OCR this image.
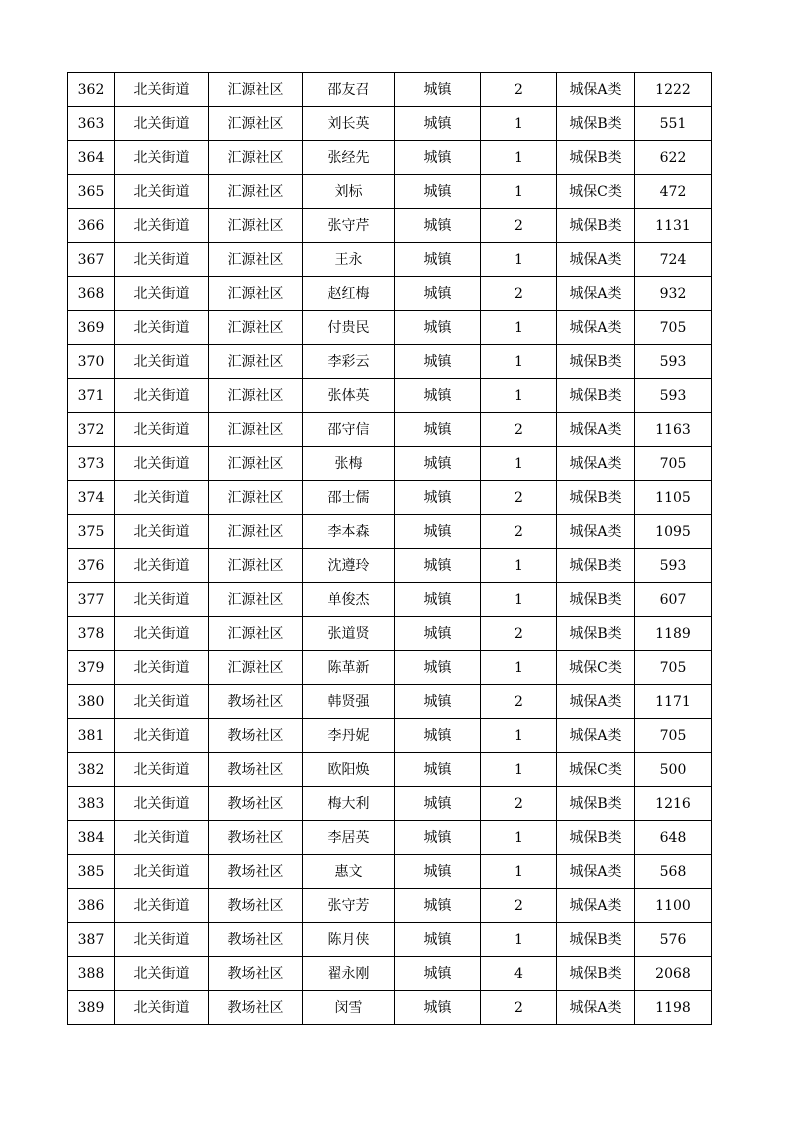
362	北关街道	汇源社区	邵友召	城镇	2	城保A类	1222
363	北关街道	汇源社区	刘长英	城镇	1	城保B类	551
364	北关街道	汇源社区	张经先	城镇	1	城保B类	622
365	北关街道	汇源社区	刘标	城镇	1	城保C类	472
366	北关街道	汇源社区	张守芹	城镇	2	城保B类	1131
367	北关街道	汇源社区	王永	城镇	1	城保A类	724
368	北关街道	汇源社区	赵红梅	城镇	2	城保A类	932
369	北关街道	汇源社区	付贵民	城镇	1	城保A类	705
370	北关街道	汇源社区	李彩云	城镇	1	城保B类	593
371	北关街道	汇源社区	张体英	城镇	1	城保B类	593
372	北关街道	汇源社区	邵守信	城镇	2	城保A类	1163
373	北关街道	汇源社区	张梅	城镇	1	城保A类	705
374	北关街道	汇源社区	邵士儒	城镇	2	城保B类	1105
375	北关街道	汇源社区	李本森	城镇	2	城保A类	1095
376	北关街道	汇源社区	沈遵玲	城镇	1	城保B类	593
377	北关街道	汇源社区	单俊杰	城镇	1	城保B类	607
378	北关街道	汇源社区	张道贤	城镇	2	城保B类	1189
379	北关街道	汇源社区	陈革新	城镇	1	城保C类	705
380	北关街道	教场社区	韩贤强	城镇	2	城保A类	1171
381	北关街道	教场社区	李丹妮	城镇	1	城保A类	705
382	北关街道	教场社区	欧阳焕	城镇	1	城保C类	500
383	北关街道	教场社区	梅大利	城镇	2	城保B类	1216
384	北关街道	教场社区	李居英	城镇	1	城保B类	648
385	北关街道	教场社区	惠文	城镇	1	城保A类	568
386	北关街道	教场社区	张守芳	城镇	2	城保A类	1100
387	北关街道	教场社区	陈月侠	城镇	1	城保B类	576
388	北关街道	教场社区	翟永刚	城镇	4	城保B类	2068
389	北关街道	教场社区	闵雪	城镇	2	城保A类	1198
